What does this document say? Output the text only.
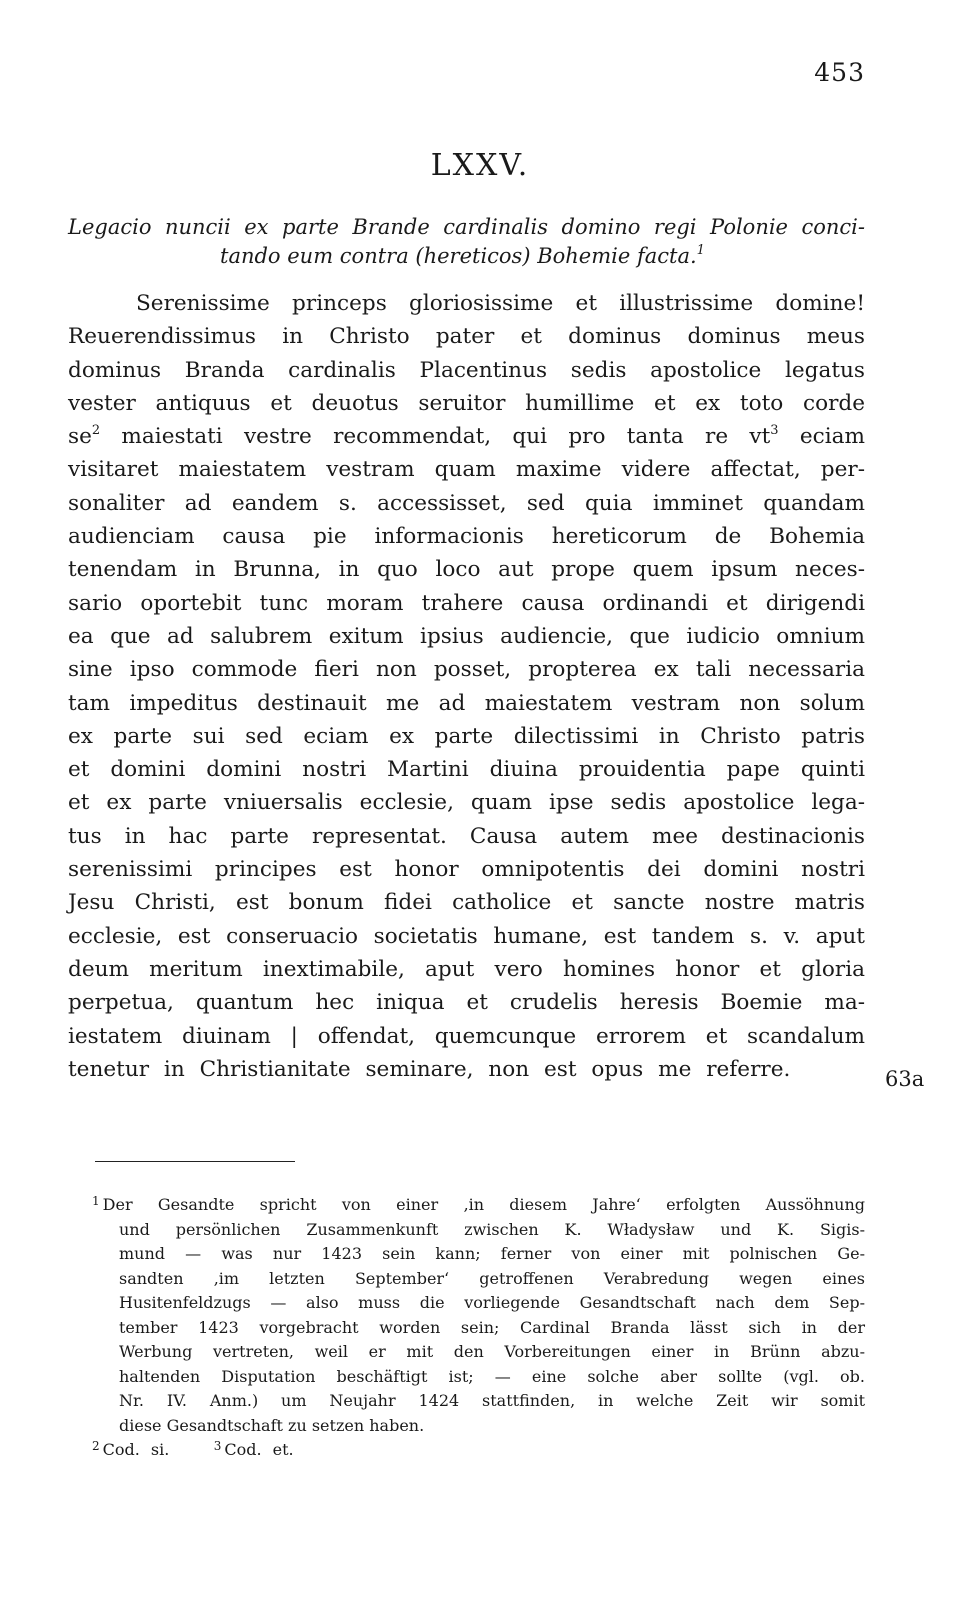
453
LXXV.
Legacio nuncii ex parte Brande cardinalis domino regi Polonie conci-
tando eum contra (hereticos) Bohemie facta.$^1$
Serenissime princeps gloriosissime et illustrissime domine!
Reuerendissimus in Christo pater et dominus dominus meus
dominus Branda cardinalis Placentinus sedis apostolice legatus
vester antiquus et deuotus seruitor humillime et ex toto corde
$se^2$ maiestati vestre recommendat, qui pro tanta re $vt^3$ eciam
visitaret maiestatem vestram quam maxime videre affectat, per-
sonaliter ad eandem s. accessisset, sed quia imminet quandam
audienciam causa pie informacionis hereticorum de Bohemia
tenendam in Brunna, in quo loco aut prope quem ipsum neces-
sario oportebit tunc moram trahere causa ordinandi et dirigendi
ea que ad salubrem exitum ipsius audiencie, que iudicio omnium
sine ipso commode fieri non posset, propterea ex tali necessaria
tam impeditus destinauit me ad maiestatem vestram non solum
ex parte sui sed eciam ex parte dilectissimi in Christo patris
et domini domini nostri Martini diuina prouidentia pape quinti
et ex parte vniuersalis ecclesie, quam ipse sedis apostolice lega-
tus in hac parte representat. Causa autem mee destinacionis
serenissimi principes est honor omnipotentis dei domini nostri
Jesu Christi, est bonum fidei catholice et sancte nostre matris
ecclesie, est conseruacio societatis humane, est tandem s. v. aput
deum meritum inextimabile, aput vero homines honor et gloria
perpetua, quantum hec iniqua et crudelis heresis Boemie ma-
iestatem diuinam | offendat, quemcunque errorem et scandalum
tenetur in Christianitate seminare, non est opus me referre.	63a
$^1$ Der Gesandte spricht von einer ‚in diesem Jahre‘ erfolgten Aussöhnung
und persönlichen Zusammenkunft zwischen K. Władysław und K. Sigis-
mund — was nur 1423 sein kann; ferner von einer mit polnischen Ge-
sandten ‚im letzten September‘ getroffenen Verabredung wegen eines
Husitenfeldzugs — also muss die vorliegende Gesandtschaft nach dem Sep-
tember 1423 vorgebracht worden sein; Cardinal Branda lässt sich in der
Werbung vertreten, weil er mit den Vorbereitungen einer in Brünn abzu-
haltenden Disputation beschäftigt ist; — eine solche aber sollte (vgl. ob.
Nr. IV. Anm.) um Neujahr 1424 stattfinden, in welche Zeit wir somit
diese Gesandtschaft zu setzen haben.
$^2$ Cod. si.	$^3$ Cod. et.
